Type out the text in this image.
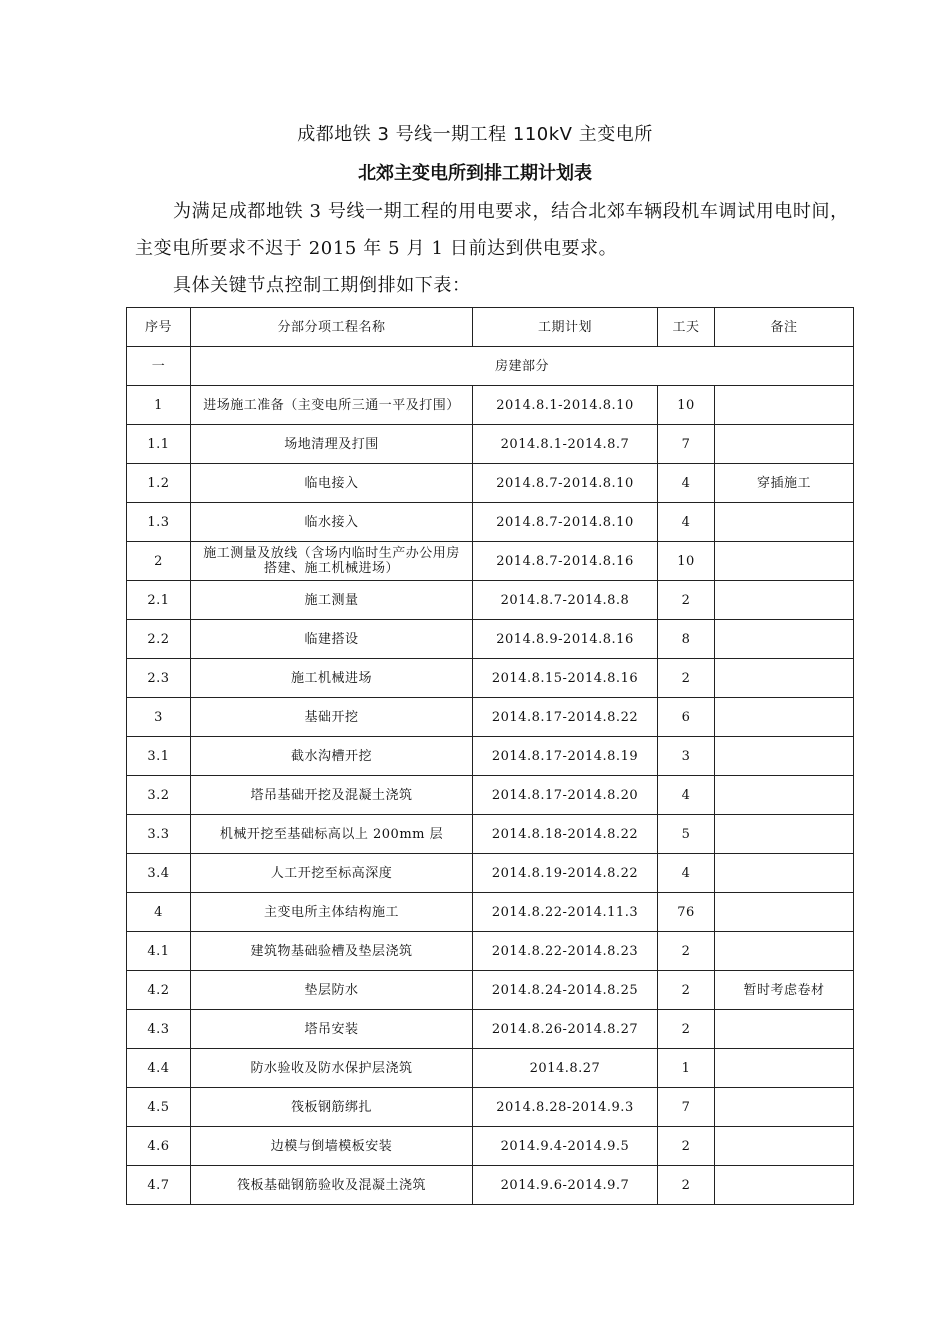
成都地铁 3 号线一期工程 110kV 主变电所
北郊主变电所到排工期计划表
为满足成都地铁 3 号线一期工程的用电要求，结合北郊车辆段机车调试用电时间，主变电所要求不迟于 2015 年 5 月 1 日前达到供电要求。
具体关键节点控制工期倒排如下表：
序号	分部分项工程名称	工期计划	工天	备注
一	房建部分			
1	进场施工准备（主变电所三通一平及打围）	2014.8.1-2014.8.10	10	
1.1	场地清理及打围	2014.8.1-2014.8.7	7	
1.2	临电接入	2014.8.7-2014.8.10	4	穿插施工
1.3	临水接入	2014.8.7-2014.8.10	4	
2	施工测量及放线（含场内临时生产办公用房搭建、施工机械进场）	2014.8.7-2014.8.16	10	
2.1	施工测量	2014.8.7-2014.8.8	2	
2.2	临建搭设	2014.8.9-2014.8.16	8	
2.3	施工机械进场	2014.8.15-2014.8.16	2	
3	基础开挖	2014.8.17-2014.8.22	6	
3.1	截水沟槽开挖	2014.8.17-2014.8.19	3	
3.2	塔吊基础开挖及混凝土浇筑	2014.8.17-2014.8.20	4	
3.3	机械开挖至基础标高以上 200mm 层	2014.8.18-2014.8.22	5	
3.4	人工开挖至标高深度	2014.8.19-2014.8.22	4	
4	主变电所主体结构施工	2014.8.22-2014.11.3	76	
4.1	建筑物基础验槽及垫层浇筑	2014.8.22-2014.8.23	2	
4.2	垫层防水	2014.8.24-2014.8.25	2	暂时考虑卷材
4.3	塔吊安装	2014.8.26-2014.8.27	2	
4.4	防水验收及防水保护层浇筑	2014.8.27	1	
4.5	筏板钢筋绑扎	2014.8.28-2014.9.3	7	
4.6	边模与倒墙模板安装	2014.9.4-2014.9.5	2	
4.7	筏板基础钢筋验收及混凝土浇筑	2014.9.6-2014.9.7	2	
